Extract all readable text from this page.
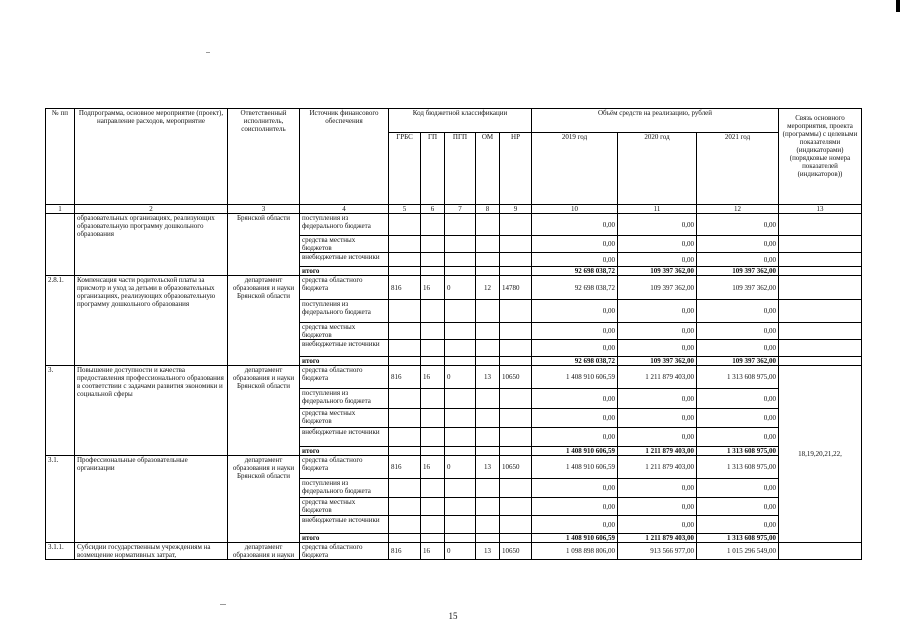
№ пп	Подпрограмма, основное мероприятие (проект), направление расходов, мероприятие	Ответственный исполнитель, соисполнитель	Источник финансового обеспечения	Код бюджетной классификации					Объём средств на реализацию, рублей			Связь основного мероприятия, проекта (программы) с целевыми показателями (индикаторами) (порядковые номера показателей (индикаторов))
				ГРБС	ГП	ПГП	ОМ	НР	2019 год	2020 год	2021 год	
1	2	3	4	5	6	7	8	9	10	11	12	13
	образовательных организациях, реализующих образовательную программу дошкольного образования	Брянской области	поступления из федерального бюджета						0,00	0,00	0,00	
			средства местных бюджетов						0,00	0,00	0,00	
			внебюджетные источники						0,00	0,00	0,00	
			итого						92 698 038,72	109 397 362,00	109 397 362,00	
2.8.1.	Компенсация части родительской платы за присмотр и уход за детьми в образовательных организациях, реализующих образовательную программу дошкольного образования	департамент образования и науки Брянской области	средства областного бюджета	816	16	0	12	14780	92 698 038,72	109 397 362,00	109 397 362,00	
			поступления из федерального бюджета						0,00	0,00	0,00	
			средства местных бюджетов						0,00	0,00	0,00	
			внебюджетные источники						0,00	0,00	0,00	
			итого						92 698 038,72	109 397 362,00	109 397 362,00	
3.	Повышение доступности и качества предоставления профессионального образования в соответствии с задачами развития экономики и социальной сферы	департамент образования и науки Брянской области	средства областного бюджета	816	16	0	13	10650	1 408 910 606,59	1 211 879 403,00	1 313 608 975,00	18,19,20,21,22,
			поступления из федерального бюджета						0,00	0,00	0,00	
			средства местных бюджетов						0,00	0,00	0,00	
			внебюджетные источники						0,00	0,00	0,00	
			итого						1 408 910 606,59	1 211 879 403,00	1 313 608 975,00	
3.1.	Профессиональные образовательные организации	департамент образования и науки Брянской области	средства областного бюджета	816	16	0	13	10650	1 408 910 606,59	1 211 879 403,00	1 313 608 975,00	
			поступления из федерального бюджета						0,00	0,00	0,00	
			средства местных бюджетов						0,00	0,00	0,00	
			внебюджетные источники						0,00	0,00	0,00	
			итого						1 408 910 606,59	1 211 879 403,00	1 313 608 975,00	
3.1.1.	Субсидии государственным учреждениям на возмещение нормативных затрат,	департамент образования и науки	средства областного бюджета	816	16	0	13	10650	1 098 898 806,00	913 566 977,00	1 015 296 549,00	
15
